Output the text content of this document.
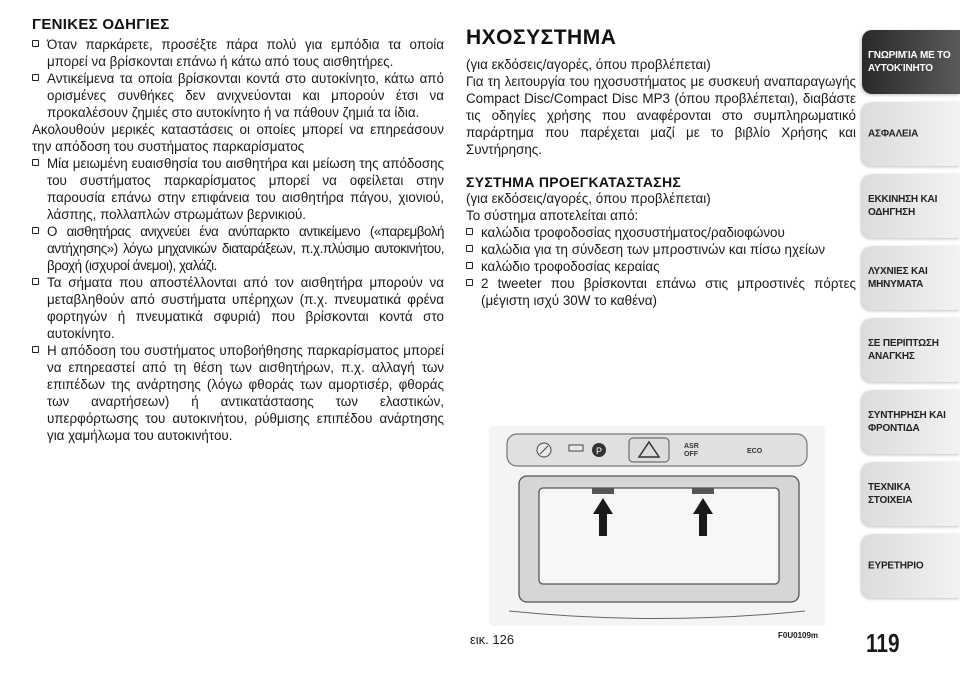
ΓΕΝΙΚΕΣ ΟΔΗΓΙΕΣ
Όταν παρκάρετε, προσέξτε πάρα πολύ για εμπόδια τα οποία μπορεί να βρίσκονται επάνω ή κάτω από τους αισθητήρες.
Αντικείμενα τα οποία βρίσκονται κοντά στο αυτοκίνητο, κάτω από ορισμένες συνθήκες δεν ανιχνεύονται και μπορούν έτσι να προκαλέσουν ζημιές στο αυτοκίνητο ή να πάθουν ζημιά τα ίδια.

Ακολουθούν μερικές καταστάσεις οι οποίες μπορεί να επηρεάσουν την απόδοση του συστήματος παρκαρίσματος

Μία μειωμένη ευαισθησία του αισθητήρα και μείωση της απόδοσης του συστήματος παρκαρίσματος μπορεί να οφείλεται στην παρουσία επάνω στην επιφάνεια του αισθητήρα πάγου, χιονιού, λάσπης, πολλαπλών στρωμάτων βερνικιού.
Ο αισθητήρας ανιχνεύει ένα ανύπαρκτο αντικείμενο («παρεμβολή αντήχησης») λόγω μηχανικών διαταράξεων, π.χ.πλύσιμο αυτοκινήτου, βροχή (ισχυροί άνεμοι), χαλάζι.
Τα σήματα που αποστέλλονται από τον αισθητήρα μπορούν να μεταβληθούν από συστήματα υπέρηχων (π.χ. πνευματικά φρένα φορτηγών ή πνευματικά σφυριά) που βρίσκονται κοντά στο αυτοκίνητο.
Η απόδοση του συστήματος υποβοήθησης παρκαρίσματος μπορεί να επηρεαστεί από τη θέση των αισθητήρων, π.χ. αλλαγή των επιπέδων της ανάρτησης (λόγω φθοράς των αμορτισέρ, φθοράς των αναρτήσεων) ή αντικατάστασης των ελαστικών, υπερφόρτωσης του αυτοκινήτου, ρύθμισης επιπέδου ανάρτησης για χαμήλωμα του αυτοκινήτου.
ΗΧΟΣΥΣΤΗΜΑ

(για εκδόσεις/αγορές, όπου προβλέπεται)

Για τη λειτουργία του ηχοσυστήματος με συσκευή αναπαραγωγής Compact Disc/Compact Disc MP3 (όπου προβλέπεται), διαβάστε τις οδηγίες χρήσης που αναφέρονται στο συμπληρωματικό παράρτημα που παρέχεται μαζί με το βιβλίο Χρήσης και Συντήρησης.

ΣΥΣΤΗΜΑ ΠΡΟΕΓΚΑΤΑΣΤΑΣΗΣ

(για εκδόσεις/αγορές, όπου προβλέπεται)

Το σύστημα αποτελείται από:

καλώδια τροφοδοσίας ηχοσυστήματος/ραδιοφώνου
καλώδια για τη σύνδεση των μπροστινών και πίσω ηχείων
καλώδιο τροφοδοσίας κεραίας
2 tweeter που βρίσκονται επάνω στις μπροστινές πόρτες (μέγιστη ισχύ 30W το καθένα)
P	ASR
OFF	ECO
εικ. 126	F0U0109m 119
ΓΝΩΡΙΜΊΑ ΜΕ ΤΟ ΑΥΤΟΚΊΝΗΤΟ
ΑΣΦΑΛΕΙΑ
ΕΚΚΙΝΗΣΗ ΚΑΙ ΟΔΗΓΗΣΗ
ΛΥΧΝΙΕΣ ΚΑΙ ΜΗΝΥΜΑΤΑ
ΣΕ ΠΕΡΙΠΤΩΣΗ ΑΝΑΓΚΗΣ
ΣΥΝΤΗΡΗΣΗ ΚΑΙ ΦΡΟΝΤΙΔΑ
ΤΕΧΝΙΚΑ ΣΤΟΙΧΕΙΑ
ΕΥΡΕΤΗΡΙΟ
